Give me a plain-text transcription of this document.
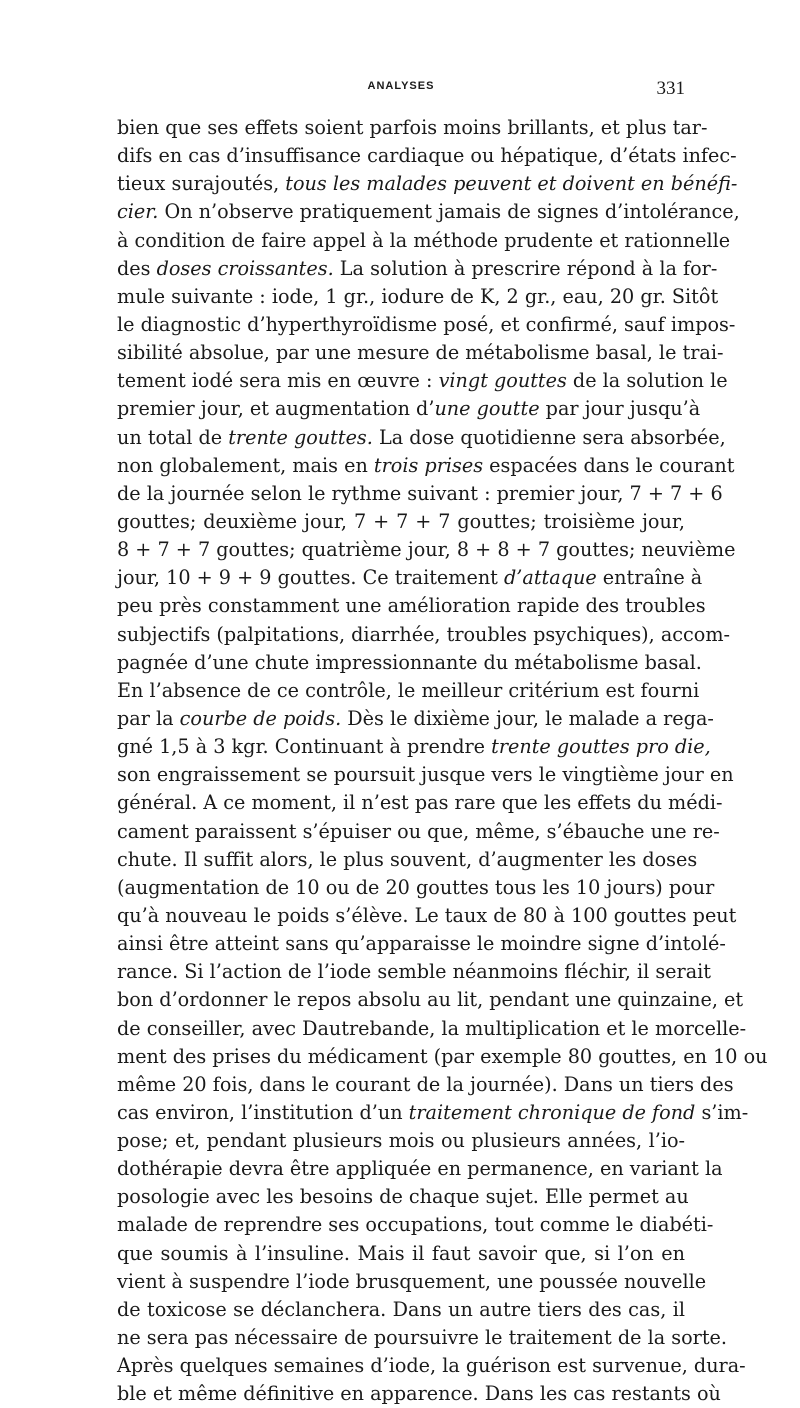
ANALYSES	331
bien que ses effets soient parfois moins brillants, et plus tar-
difs en cas d’insuffisance cardiaque ou hépatique, d’états infec-
tieux surajoutés, tous les malades peuvent et doivent en bénéfi-
cier. On n’observe pratiquement jamais de signes d’intolérance,
à condition de faire appel à la méthode prudente et rationnelle
des doses croissantes. La solution à prescrire répond à la for-
mule suivante : iode, 1 gr., iodure de K, 2 gr., eau, 20 gr. Sitôt
le diagnostic d’hyperthyroïdisme posé, et confirmé, sauf impos-
sibilité absolue, par une mesure de métabolisme basal, le trai-
tement iodé sera mis en œuvre : vingt gouttes de la solution le
premier jour, et augmentation d’une goutte par jour jusqu’à
un total de trente gouttes. La dose quotidienne sera absorbée,
non globalement, mais en trois prises espacées dans le courant
de la journée selon le rythme suivant : premier jour, 7 + 7 + 6
gouttes; deuxième jour, 7 + 7 + 7 gouttes; troisième jour,
8 + 7 + 7 gouttes; quatrième jour, 8 + 8 + 7 gouttes; neuvième
jour, 10 + 9 + 9 gouttes. Ce traitement d’attaque entraîne à
peu près constamment une amélioration rapide des troubles
subjectifs (palpitations, diarrhée, troubles psychiques), accom-
pagnée d’une chute impressionnante du métabolisme basal.
En l’absence de ce contrôle, le meilleur critérium est fourni
par la courbe de poids. Dès le dixième jour, le malade a rega-
gné 1,5 à 3 kgr. Continuant à prendre trente gouttes pro die,
son engraissement se poursuit jusque vers le vingtième jour en
général. A ce moment, il n’est pas rare que les effets du médi-
cament paraissent s’épuiser ou que, même, s’ébauche une re-
chute. Il suffit alors, le plus souvent, d’augmenter les doses
(augmentation de 10 ou de 20 gouttes tous les 10 jours) pour
qu’à nouveau le poids s’élève. Le taux de 80 à 100 gouttes peut
ainsi être atteint sans qu’apparaisse le moindre signe d’intolé-
rance. Si l’action de l’iode semble néanmoins fléchir, il serait
bon d’ordonner le repos absolu au lit, pendant une quinzaine, et
de conseiller, avec Dautrebande, la multiplication et le morcelle-
ment des prises du médicament (par exemple 80 gouttes, en 10 ou
même 20 fois, dans le courant de la journée). Dans un tiers des
cas environ, l’institution d’un traitement chronique de fond s’im-
pose; et, pendant plusieurs mois ou plusieurs années, l’io-
dothérapie devra être appliquée en permanence, en variant la
posologie avec les besoins de chaque sujet. Elle permet au
malade de reprendre ses occupations, tout comme le diabéti-
que soumis à l’insuline. Mais il faut savoir que, si l’on en
vient à suspendre l’iode brusquement, une poussée nouvelle
de toxicose se déclanchera. Dans un autre tiers des cas, il
ne sera pas nécessaire de poursuivre le traitement de la sorte.
Après quelques semaines d’iode, la guérison est survenue, dura-
ble et même définitive en apparence. Dans les cas restants où
